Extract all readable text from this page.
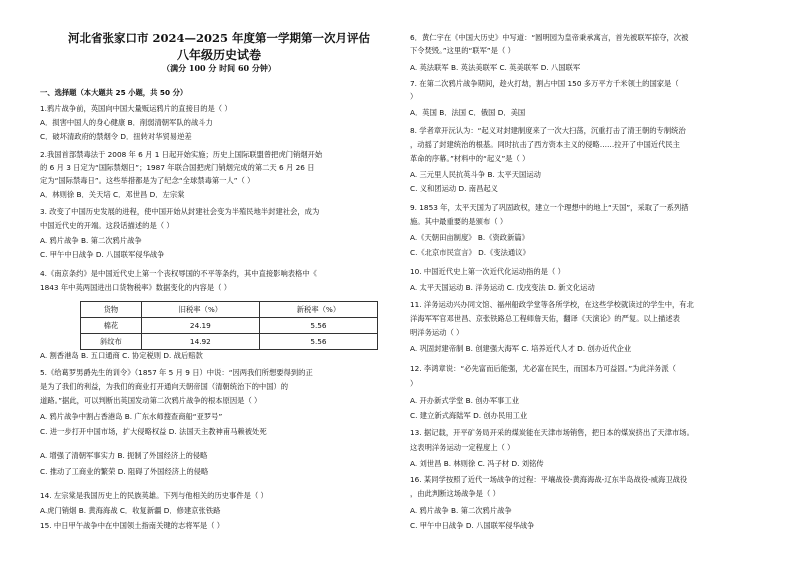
河北省张家口市 2024—2025 年度第一学期第一次月评估
八年级历史试卷
（满分 100 分 时间 60 分钟）
一、选择题（本大题共 25 小题，共 50 分）
1.鸦片战争前，英国向中国大量贩运鸦片的直接目的是（ ）
A．损害中国人的身心健康 B．削弱清朝军队的战斗力
C．破坏清政府的禁烟令 D．扭转对华贸易逆差
2.我国首部禁毒法于 2008 年 6 月 1 日起开始实施；历史上国际联盟曾把虎门销烟开始
的 6 月 3 日定为“国际禁烟日”；1987 年联合国把虎门销烟完成的第二天 6 月 26 日
定为“国际禁毒日”。这些举措都是为了纪念“全球禁毒第一人”（ ）
A．林则徐 B．关天培 C．邓世昌 D．左宗棠
3. 改变了中国历史发展的进程，使中国开始从封建社会变为半殖民地半封建社会，成为
中国近代史的开端。这段话描述的是（ ）
A. 鸦片战争 B. 第二次鸦片战争
C. 甲午中日战争 D. 八国联军侵华战争
4.《南京条约》是中国近代史上第一个丧权辱国的不平等条约，其中直接影响表格中《
1843 年中英两国进出口货物税率》数据变化的内容是（ ）
货物	旧税率（%）	新税率（%）
棉花	24.19	5.56
斜纹布	14.92	5.56
A. 割香港岛 B. 五口通商 C. 协定税则 D. 战后赔款
5.《给葛罗男爵先生的训令》（1857 年 5 月 9 日）中说：“因两我们所想要得到的正
是为了我们的利益，为我们的商业打开通向天朝帝国（清朝统治下的中国）的
道路。”据此，可以判断出英国发动第二次鸦片战争的根本原因是（ ）
A. 鸦片战争中割占香港岛 B. 广东水师搜查商船“亚罗号”
C. 进一步打开中国市场，扩大侵略权益 D. 法国天主教神甫马赖被处死
A. 增强了清朝军事实力 B. 扼制了外国经济上的侵略
C. 推动了工商业的繁荣 D. 阻碍了外国经济上的侵略
14. 左宗棠是我国历史上的民族英雄。下列与他相关的历史事件是（ ）
A.虎门销烟 B. 黄海海战 C．收复新疆 D．修建京张铁路
15. 中日甲午战争中在中国领土指南关键的志将军是（ ）
6．黄仁宇在《中国大历史》中写道：“圆明园为皇帝秉承寓言，首先被联军掠夺，次被
下令焚毁。”这里的“联军”是（ ）
A. 英法联军 B. 英法美联军 C. 英美联军 D. 八国联军
7. 在第二次鸦片战争期间，趁火打劫，割占中国 150 多万平方千米领土的国家是（
）
A．英国 B．法国 C．俄国 D．美国
8. 学者章开沅认为：“起义对封建制度来了一次大扫荡，沉重打击了清王朝的专制统治
，动摇了封建统治的根基。同时抗击了西方资本主义的侵略……拉开了中国近代民主
革命的序幕。”材料中的“起义”是（ ）
A. 三元里人民抗英斗争 B. 太平天国运动
C. 义和团运动 D. 南昌起义
9. 1853 年，太平天国为了巩固政权，建立一个理想中的地上“天国”，采取了一系列措
施。其中最重要的是颁布（ ）
A.《天朝田亩制度》 B.《资政新篇》
C.《北京市民宣言》 D.《变法通议》
10. 中国近代史上第一次近代化运动指的是（ ）
A. 太平天国运动 B. 洋务运动 C. 戊戌变法 D. 新文化运动
11. 洋务运动兴办同文馆、福州船政学堂等各所学校，在这些学校就读过的学生中，有北
洋海军军官邓世昌、京张铁路总工程师詹天佑，翻译《天演论》的严复。以上描述表
明洋务运动（ ）
A. 巩固封建帝制 B. 创建强大海军 C. 培养近代人才 D. 创办近代企业
12. 李鸿章说：“必先富而后能强，尤必富在民生，而国本乃可益固。”为此洋务派（
）
A. 开办新式学堂 B. 创办军事工业
C. 建立新式海陆军 D. 创办民用工业
13. 据记载，开平矿务局开采的煤炭能在天津市场销售，把日本的煤炭挤出了天津市场。
这表明洋务运动一定程度上（ ）
A. 刘世昌 B. 林则徐 C. 冯子材 D. 刘铭传
16. 某同学按照了近代一场战争的过程：平壤战役-黄海海战-辽东半岛战役-威海卫战役
，由此判断这场战争是（ ）
A. 鸦片战争 B. 第二次鸦片战争
C. 甲午中日战争 D. 八国联军侵华战争
